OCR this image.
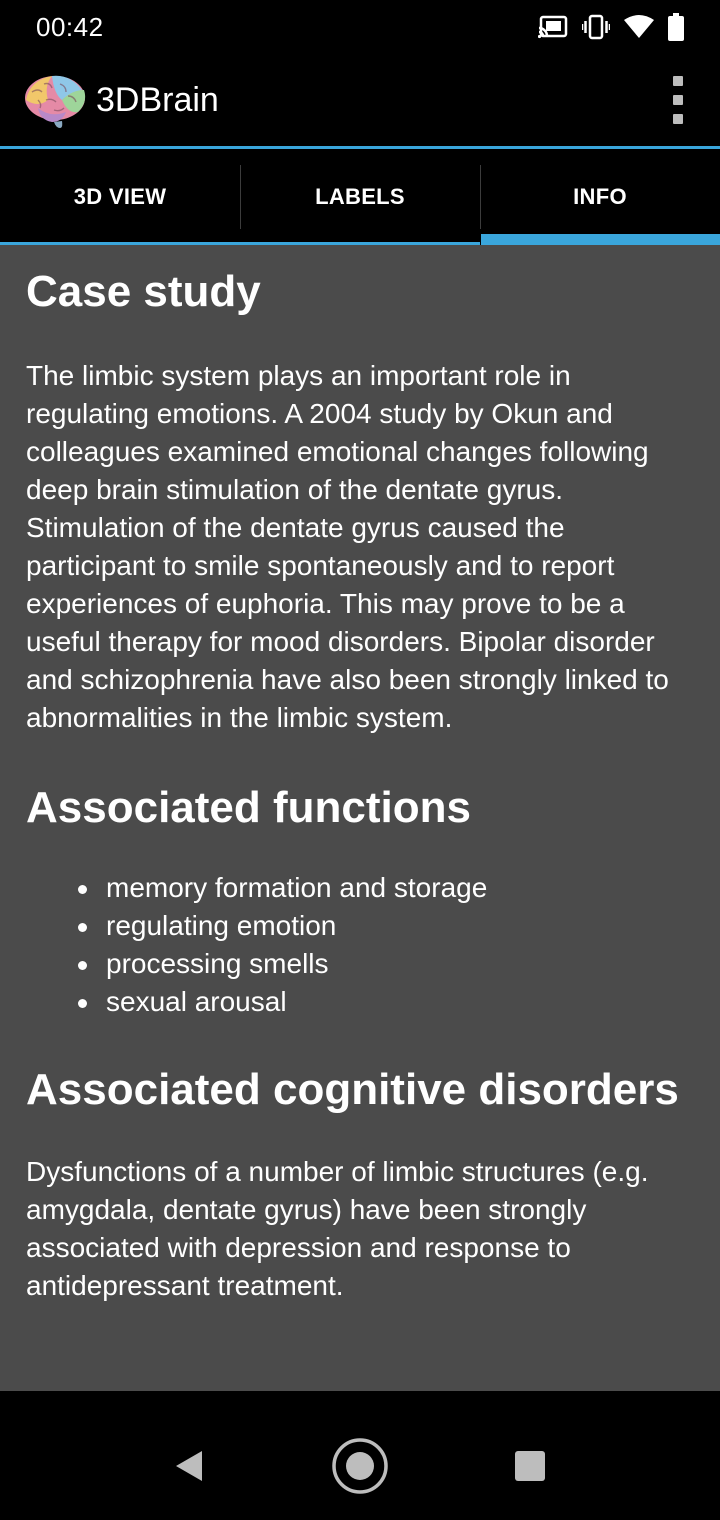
00:42
3DBrain
3D VIEW	LABELS	INFO
Case study

The limbic system plays an important role in regulating emotions. A 2004 study by Okun and colleagues examined emotional changes following deep brain stimulation of the dentate gyrus. Stimulation of the dentate gyrus caused the participant to smile spontaneously and to report experiences of euphoria. This may prove to be a useful therapy for mood disorders. Bipolar disorder and schizophrenia have also been strongly linked to abnormalities in the limbic system.

Associated functions
memory formation and storage
regulating emotion
processing smells
sexual arousal
Associated cognitive disorders

Dysfunctions of a number of limbic structures (e.g. amygdala, dentate gyrus) have been strongly associated with depression and response to antidepressant treatment.
